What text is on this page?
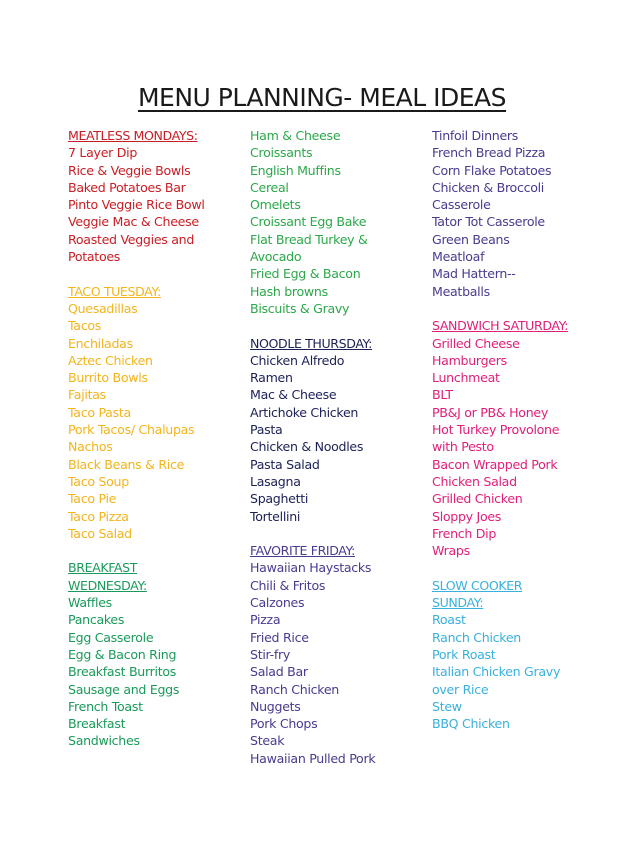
MENU PLANNING- MEAL IDEAS
MEATLESS MONDAYS:
7 Layer Dip
Rice & Veggie Bowls
Baked Potatoes Bar
Pinto Veggie Rice Bowl
Veggie Mac & Cheese
Roasted Veggies and
Potatoes
TACO TUESDAY:
Quesadillas
Tacos
Enchiladas
Aztec Chicken
Burrito Bowls
Fajitas
Taco Pasta
Pork Tacos/ Chalupas
Nachos
Black Beans & Rice
Taco Soup
Taco Pie
Taco Pizza
Taco Salad
BREAKFAST
WEDNESDAY:
Waffles
Pancakes
Egg Casserole
Egg & Bacon Ring
Breakfast Burritos
Sausage and Eggs
French Toast
Breakfast
Sandwiches
Ham & Cheese
Croissants
English Muffins
Cereal
Omelets
Croissant Egg Bake
Flat Bread Turkey &
Avocado
Fried Egg & Bacon
Hash browns
Biscuits & Gravy
NOODLE THURSDAY:
Chicken Alfredo
Ramen
Mac & Cheese
Artichoke Chicken
Pasta
Chicken & Noodles
Pasta Salad
Lasagna
Spaghetti
Tortellini
FAVORITE FRIDAY:
Hawaiian Haystacks
Chili & Fritos
Calzones
Pizza
Fried Rice
Stir-fry
Salad Bar
Ranch Chicken
Nuggets
Pork Chops
Steak
Hawaiian Pulled Pork
Tinfoil Dinners
French Bread Pizza
Corn Flake Potatoes
Chicken & Broccoli
Casserole
Tator Tot Casserole
Green Beans
Meatloaf
Mad Hattern--
Meatballs
SANDWICH SATURDAY:
Grilled Cheese
Hamburgers
Lunchmeat
BLT
PB&J or PB& Honey
Hot Turkey Provolone
with Pesto
Bacon Wrapped Pork
Chicken Salad
Grilled Chicken
Sloppy Joes
French Dip
Wraps
SLOW COOKER
SUNDAY:
Roast
Ranch Chicken
Pork Roast
Italian Chicken Gravy
over Rice
Stew
BBQ Chicken
